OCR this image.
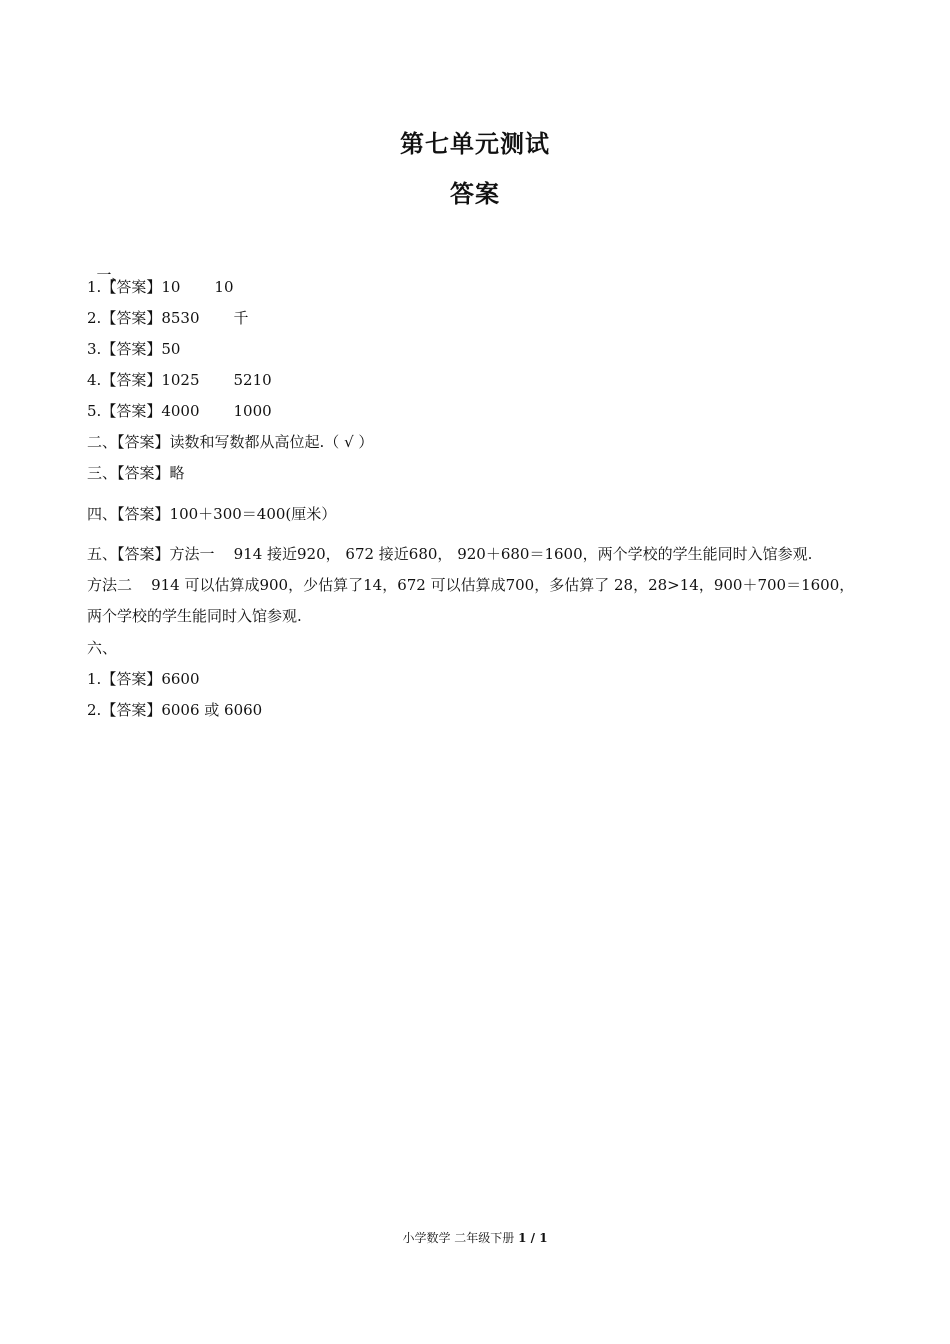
第七单元测试
答案

一、

1.【答案】10 10
2.【答案】8530 千
3.【答案】50
4.【答案】1025 5210
5.【答案】4000 1000
二、【答案】读数和写数都从高位起.（ √ ）
三、【答案】略
四、【答案】100＋300＝400(厘米）
五、【答案】方法一    914 接近920， 672 接近680， 920＋680＝1600，两个学校的学生能同时入馆参观.
方法二    914 可以估算成900，少估算了14，672 可以估算成700，多估算了 28，28>14，900＋700＝1600，
两个学校的学生能同时入馆参观.
六、
1.【答案】6600
2.【答案】6006 或 6060
小学数学 二年级下册 1 / 1
